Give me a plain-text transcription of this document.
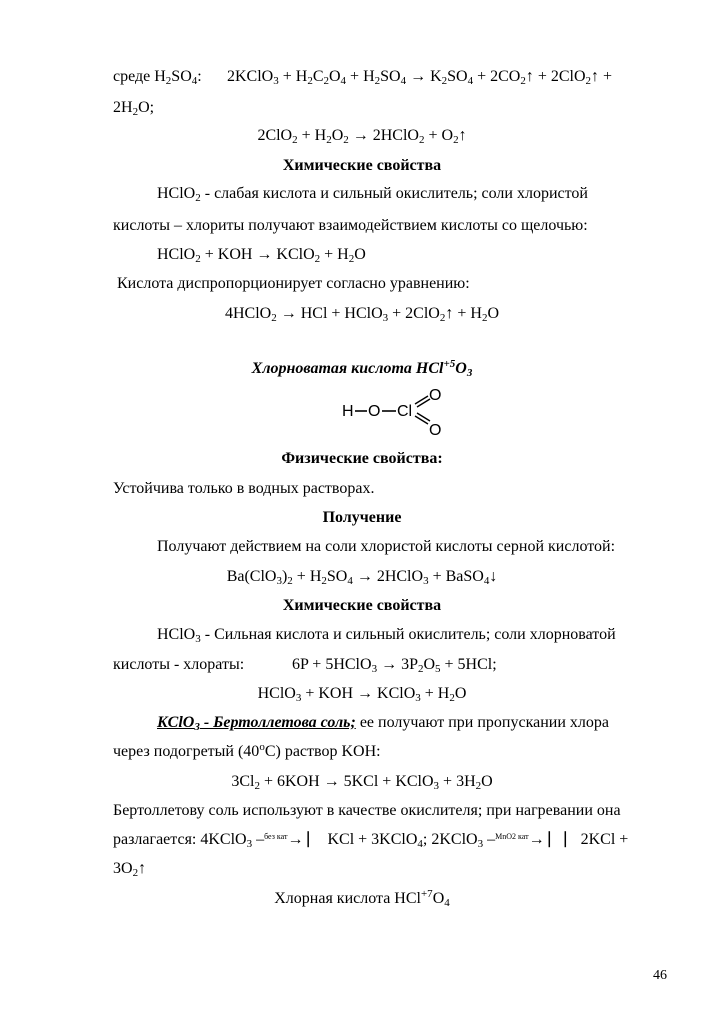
среде $H_2SO_4$: 2KClO$_3$ + $H_2C_2O_4 + H_2SO_4 \to K_2SO_4$ + $2CO_2↑$ + 2ClO$_2$↑ +
$2H_2O$;
$2ClO_2 + H_2O_2$ → 2HClO$_2$ + $O_2↑$
Химические свойства
HClO$_2$ - слабая кислота и сильный окислитель; соли хлористой
кислоты – хлориты получают взаимодействием кислоты со щелочью:
HClO$_2$ + KOH → KClO$_2$ + $H_2O$
Кислота диспропорционирует согласно уравнению:
4HClO$_2$ → HCl + HClO$_3$ + 2ClO$_2$↑ + $H_2O$
Хлорноватая кислота $HCl^{+5}O_3$
H O Cl
O
O
Физические свойства:
Устойчива только в водных растворах.
Получение
Получают действием на соли хлористой кислоты серной кислотой:
$Ba(ClO_3)_2 + H_2SO_4$ → 2HClO$_3$ + BaSO$_4$↓
Химические свойства
HClO$_3$ - Сильная кислота и сильный окислитель; соли хлорноватой
кислоты - хлораты:	6P + 5HClO$_3$ → $3P_2O_5 + 5HCl$;
HClO$_3$ + KOH → KClO$_3$ + $H_2O$
KClO$_3$ - Бертоллетова соль; ее получают при пропускании хлора
через подогретый (40$^o$С) раствор KOH:
$3Cl_2 + 6KOH \to 5KCl$ + KClO$_3$ + $3H_2O$
Бертоллетову соль используют в качестве окислителя; при нагревании она
разлагается: 4KClO$_3$ –$^{без кат}$→ ⎸ KCl + 3KClO$_4$; 2KClO$_3$ –$^{MnO2 кат}$→ ⎸⎸2KCl +
$3O_2↑$
Хлорная кислота $HCl^{+7}O_4$
46
